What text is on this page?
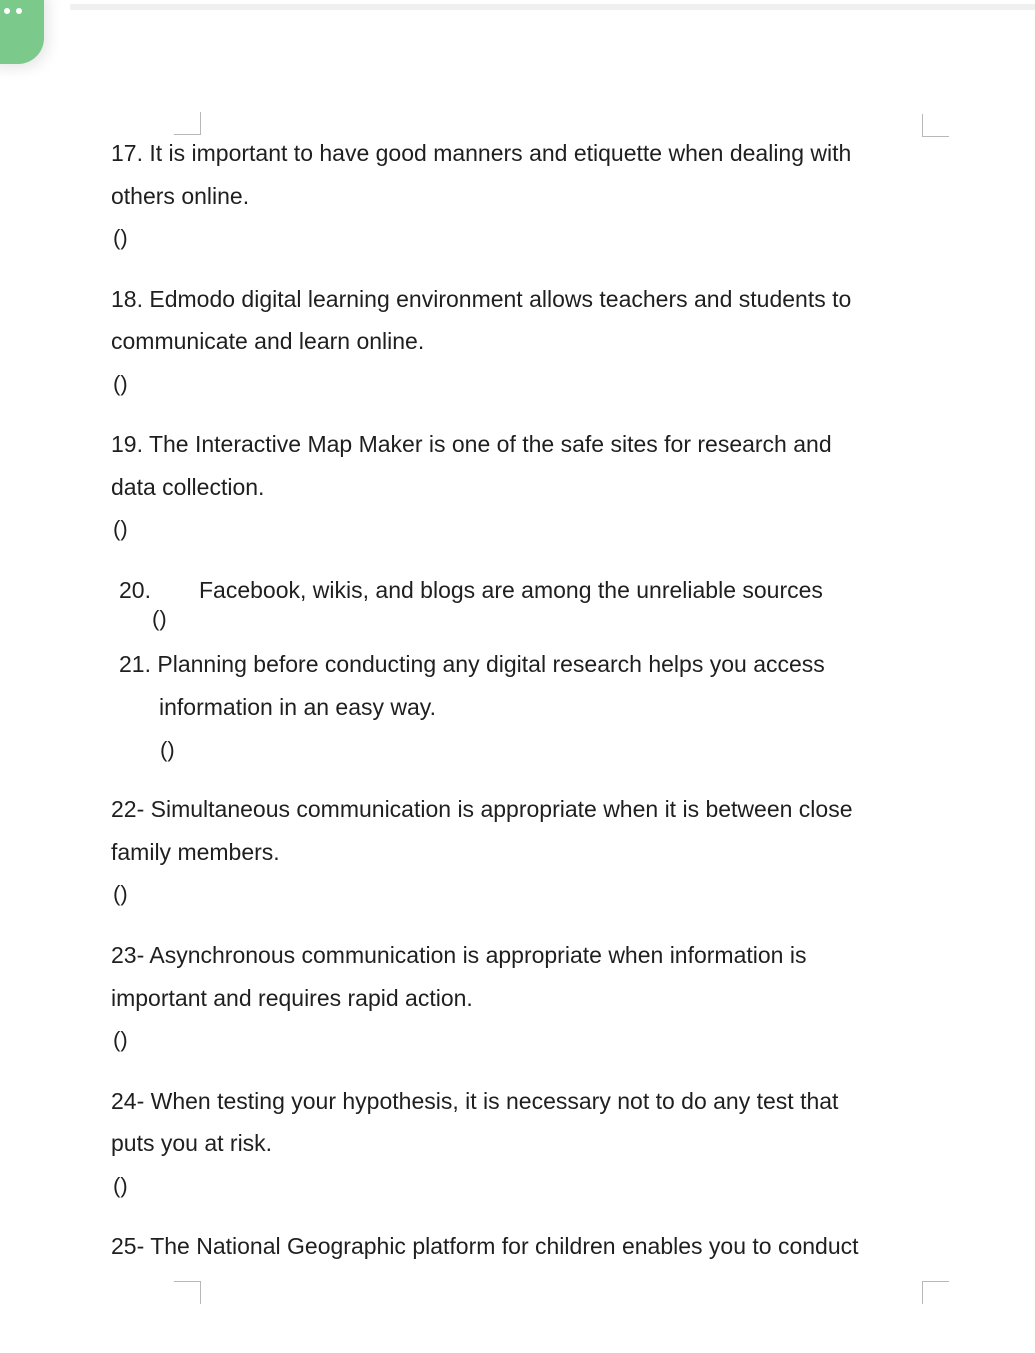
17. It is important to have good manners and etiquette when dealing with
others online.
()
18. Edmodo digital learning environment allows teachers and students to
communicate and learn online.
()
19. The Interactive Map Maker is one of the safe sites for research and
data collection.
()
20. Facebook, wikis, and blogs are among the unreliable sources
()
21. Planning before conducting any digital research helps you access
information in an easy way.
()
22- Simultaneous communication is appropriate when it is between close
family members.
()
23- Asynchronous communication is appropriate when information is
important and requires rapid action.
()
24- When testing your hypothesis, it is necessary not to do any test that
puts you at risk.
()
25- The National Geographic platform for children enables you to conduct
